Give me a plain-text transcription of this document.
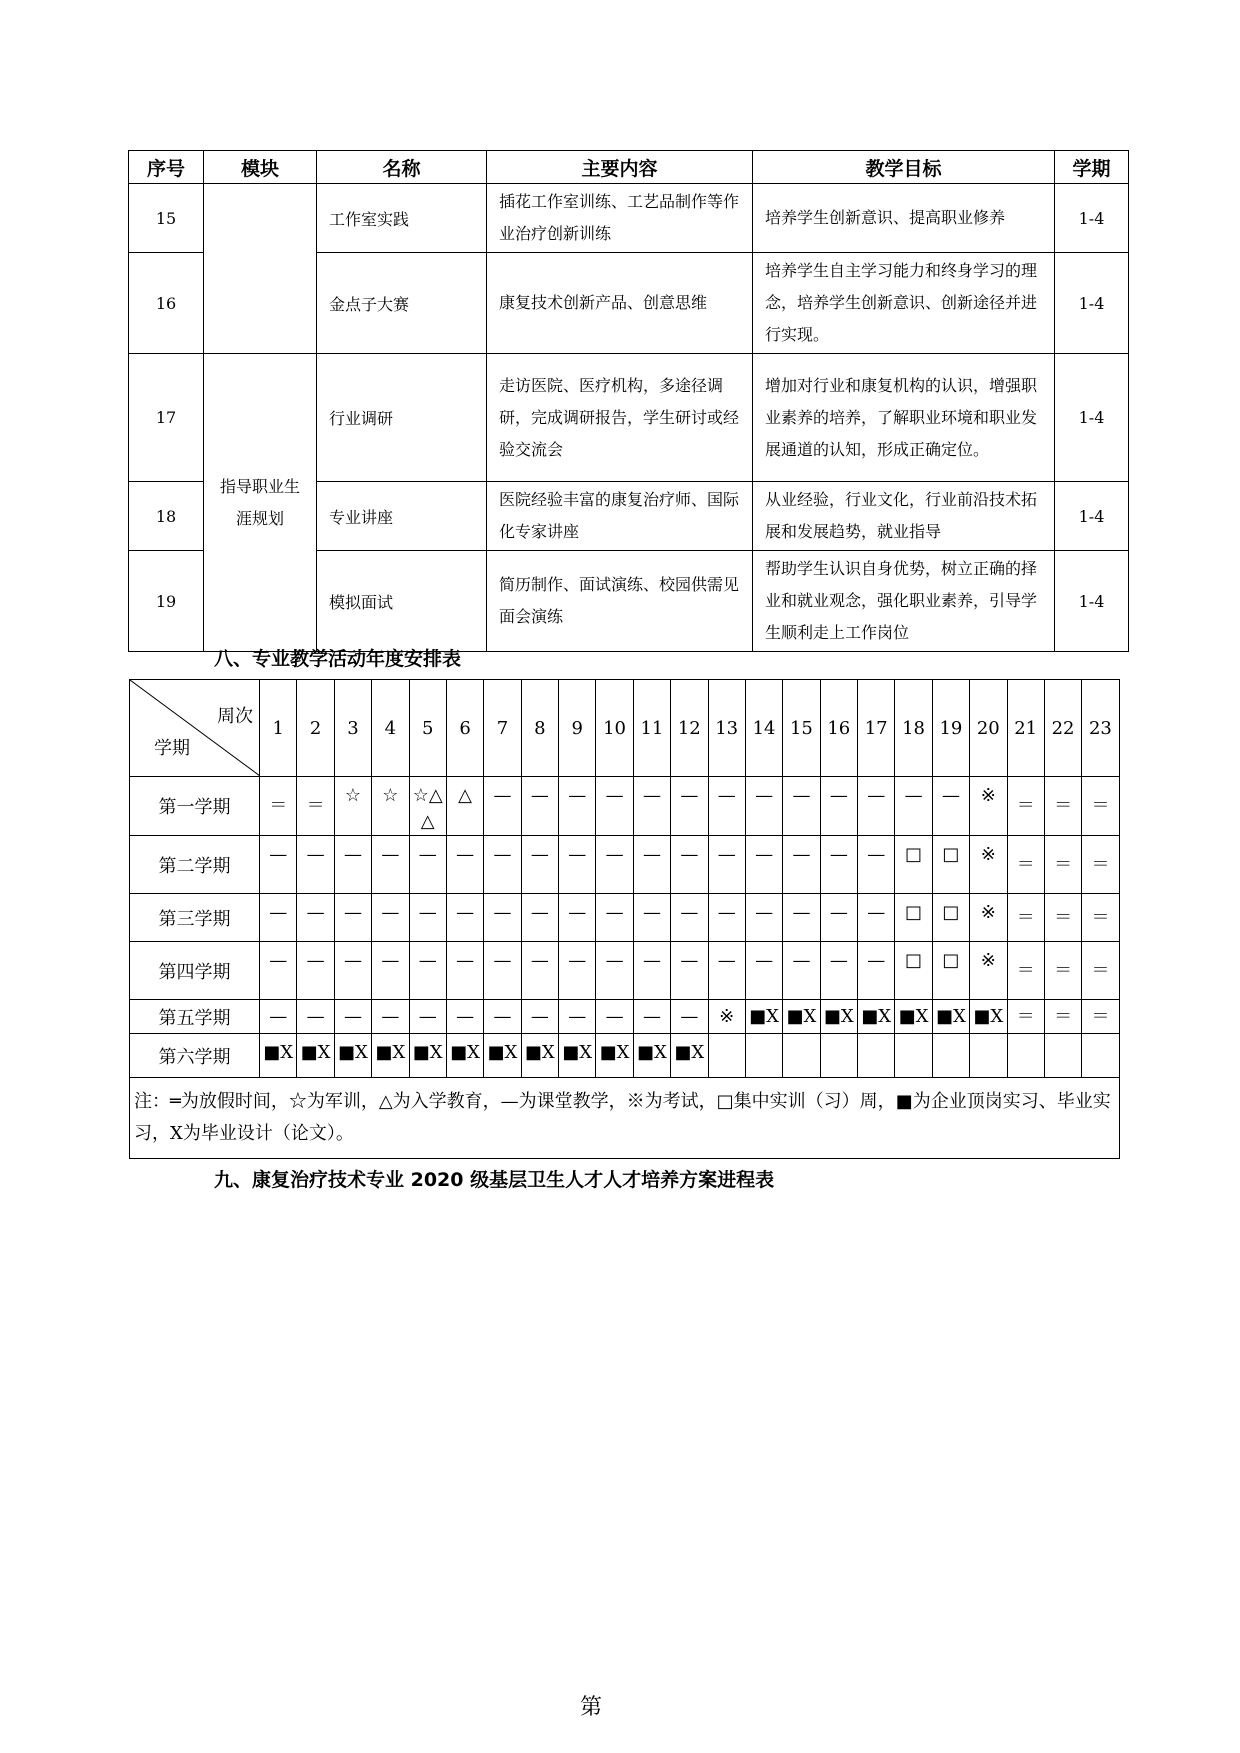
序号	模块	名称	主要内容	教学目标	学期
15		工作室实践	插花工作室训练、工艺品制作等作业治疗创新训练	培养学生创新意识、提高职业修养	1-4
16		金点子大赛	康复技术创新产品、创意思维	培养学生自主学习能力和终身学习的理念，培养学生创新意识、创新途径并进行实现。	1-4
17	指导职业生涯规划	行业调研	走访医院、医疗机构，多途径调研，完成调研报告，学生研讨或经验交流会	增加对行业和康复机构的认识，增强职业素养的培养，了解职业环境和职业发展通道的认知，形成正确定位。	1-4
18		专业讲座	医院经验丰富的康复治疗师、国际化专家讲座	从业经验，行业文化，行业前沿技术拓展和发展趋势，就业指导	1-4
19		模拟面试	简历制作、面试演练、校园供需见面会演练	帮助学生认识自身优势，树立正确的择业和就业观念，强化职业素养，引导学生顺利走上工作岗位	1-4
八、专业教学活动年度安排表
周次
学期	1	2	3	4	5	6	7	8	9	10	11	12	13	14	15	16	17	18	19	20	21	22	23
第一学期	＝	＝	☆	☆	☆△ △	△	—	—	—	—	—	—	—	—	—	—	—	—	—	※	＝	＝	＝
第二学期	—	—	—	—	—	—	—	—	—	—	—	—	—	—	—	—	—	□	□	※	＝	＝	＝
第三学期	—	—	—	—	—	—	—	—	—	—	—	—	—	—	—	—	—	□	□	※	＝	＝	＝
第四学期	—	—	—	—	—	—	—	—	—	—	—	—	—	—	—	—	—	□	□	※	＝	＝	＝
第五学期	—	—	—	—	—	—	—	—	—	—	—	—	※	■X	■X	■X	■X	■X	■X	■X	＝	＝	＝
第六学期	■X	■X	■X	■X	■X	■X	■X	■X	■X	■X	■X	■X											
注：═为放假时间，☆为军训，△为入学教育，—为课堂教学，※为考试，□集中实训（习）周，■为企业顶岗实习、毕业实习，X为毕业设计（论文）。																							
九、康复治疗技术专业 2020 级基层卫生人才人才培养方案进程表
第
